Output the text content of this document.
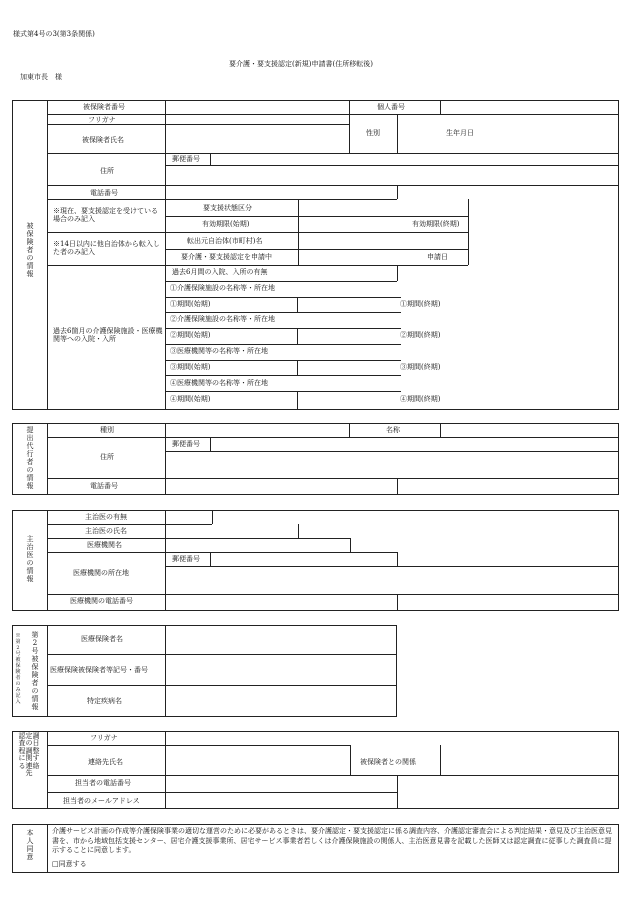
様式第4号の3(第3条関係)
要介護・要支援認定(新規)申請書(住所移転後)
加東市長　様
被保険者の情報
被保険者番号	個人番号
フリガナ
被保険者氏名
性別	生年月日
住所
郵便番号
電話番号
※現在、要支援認定を受けている場合のみ記入
要支援状態区分
有効期限(始期)	有効期限(終期)
※14日以内に他自治体から転入した者のみ記入
転出元自治体(市町村)名
要介護・要支援認定を申請中	申請日
過去6箇月の介護保険施設・医療機関等への入院・入所
過去6月間の入院、入所の有無
①介護保険施設の名称等・所在地
①期間(始期)	①期間(終期)
②介護保険施設の名称等・所在地
②期間(始期)	②期間(終期)
③医療機関等の名称等・所在地
③期間(始期)	③期間(終期)
④医療機関等の名称等・所在地
④期間(始期)	④期間(終期)
提出代行者の情報
種別	名称
住所
郵便番号
電話番号
主治医の情報
主治医の有無
主治医の氏名
医療機関名
医療機関の所在地
郵便番号
医療機関の電話番号
※第2号被保険者のみ記入
第2号被保険者の情報
医療保険者名
医療保険被保険者等記号・番号
特定疾病名
認定調査の日程調整に関する連絡先
フリガナ
連絡先氏名	被保険者との関係
担当者の電話番号
担当者のメールアドレス
本人同意
介護サービス計画の作成等介護保険事業の適切な運営のために必要があるときは、要介護認定・要支援認定に係る調査内容、介護認定審査会による判定結果・意見及び主治医意見書を、市から地域包括支援センター、居宅介護支援事業所、居宅サービス事業者若しくは介護保険施設の関係人、主治医意見書を記載した医師又は認定調査に従事した調査員に提示することに同意します。
□同意する
